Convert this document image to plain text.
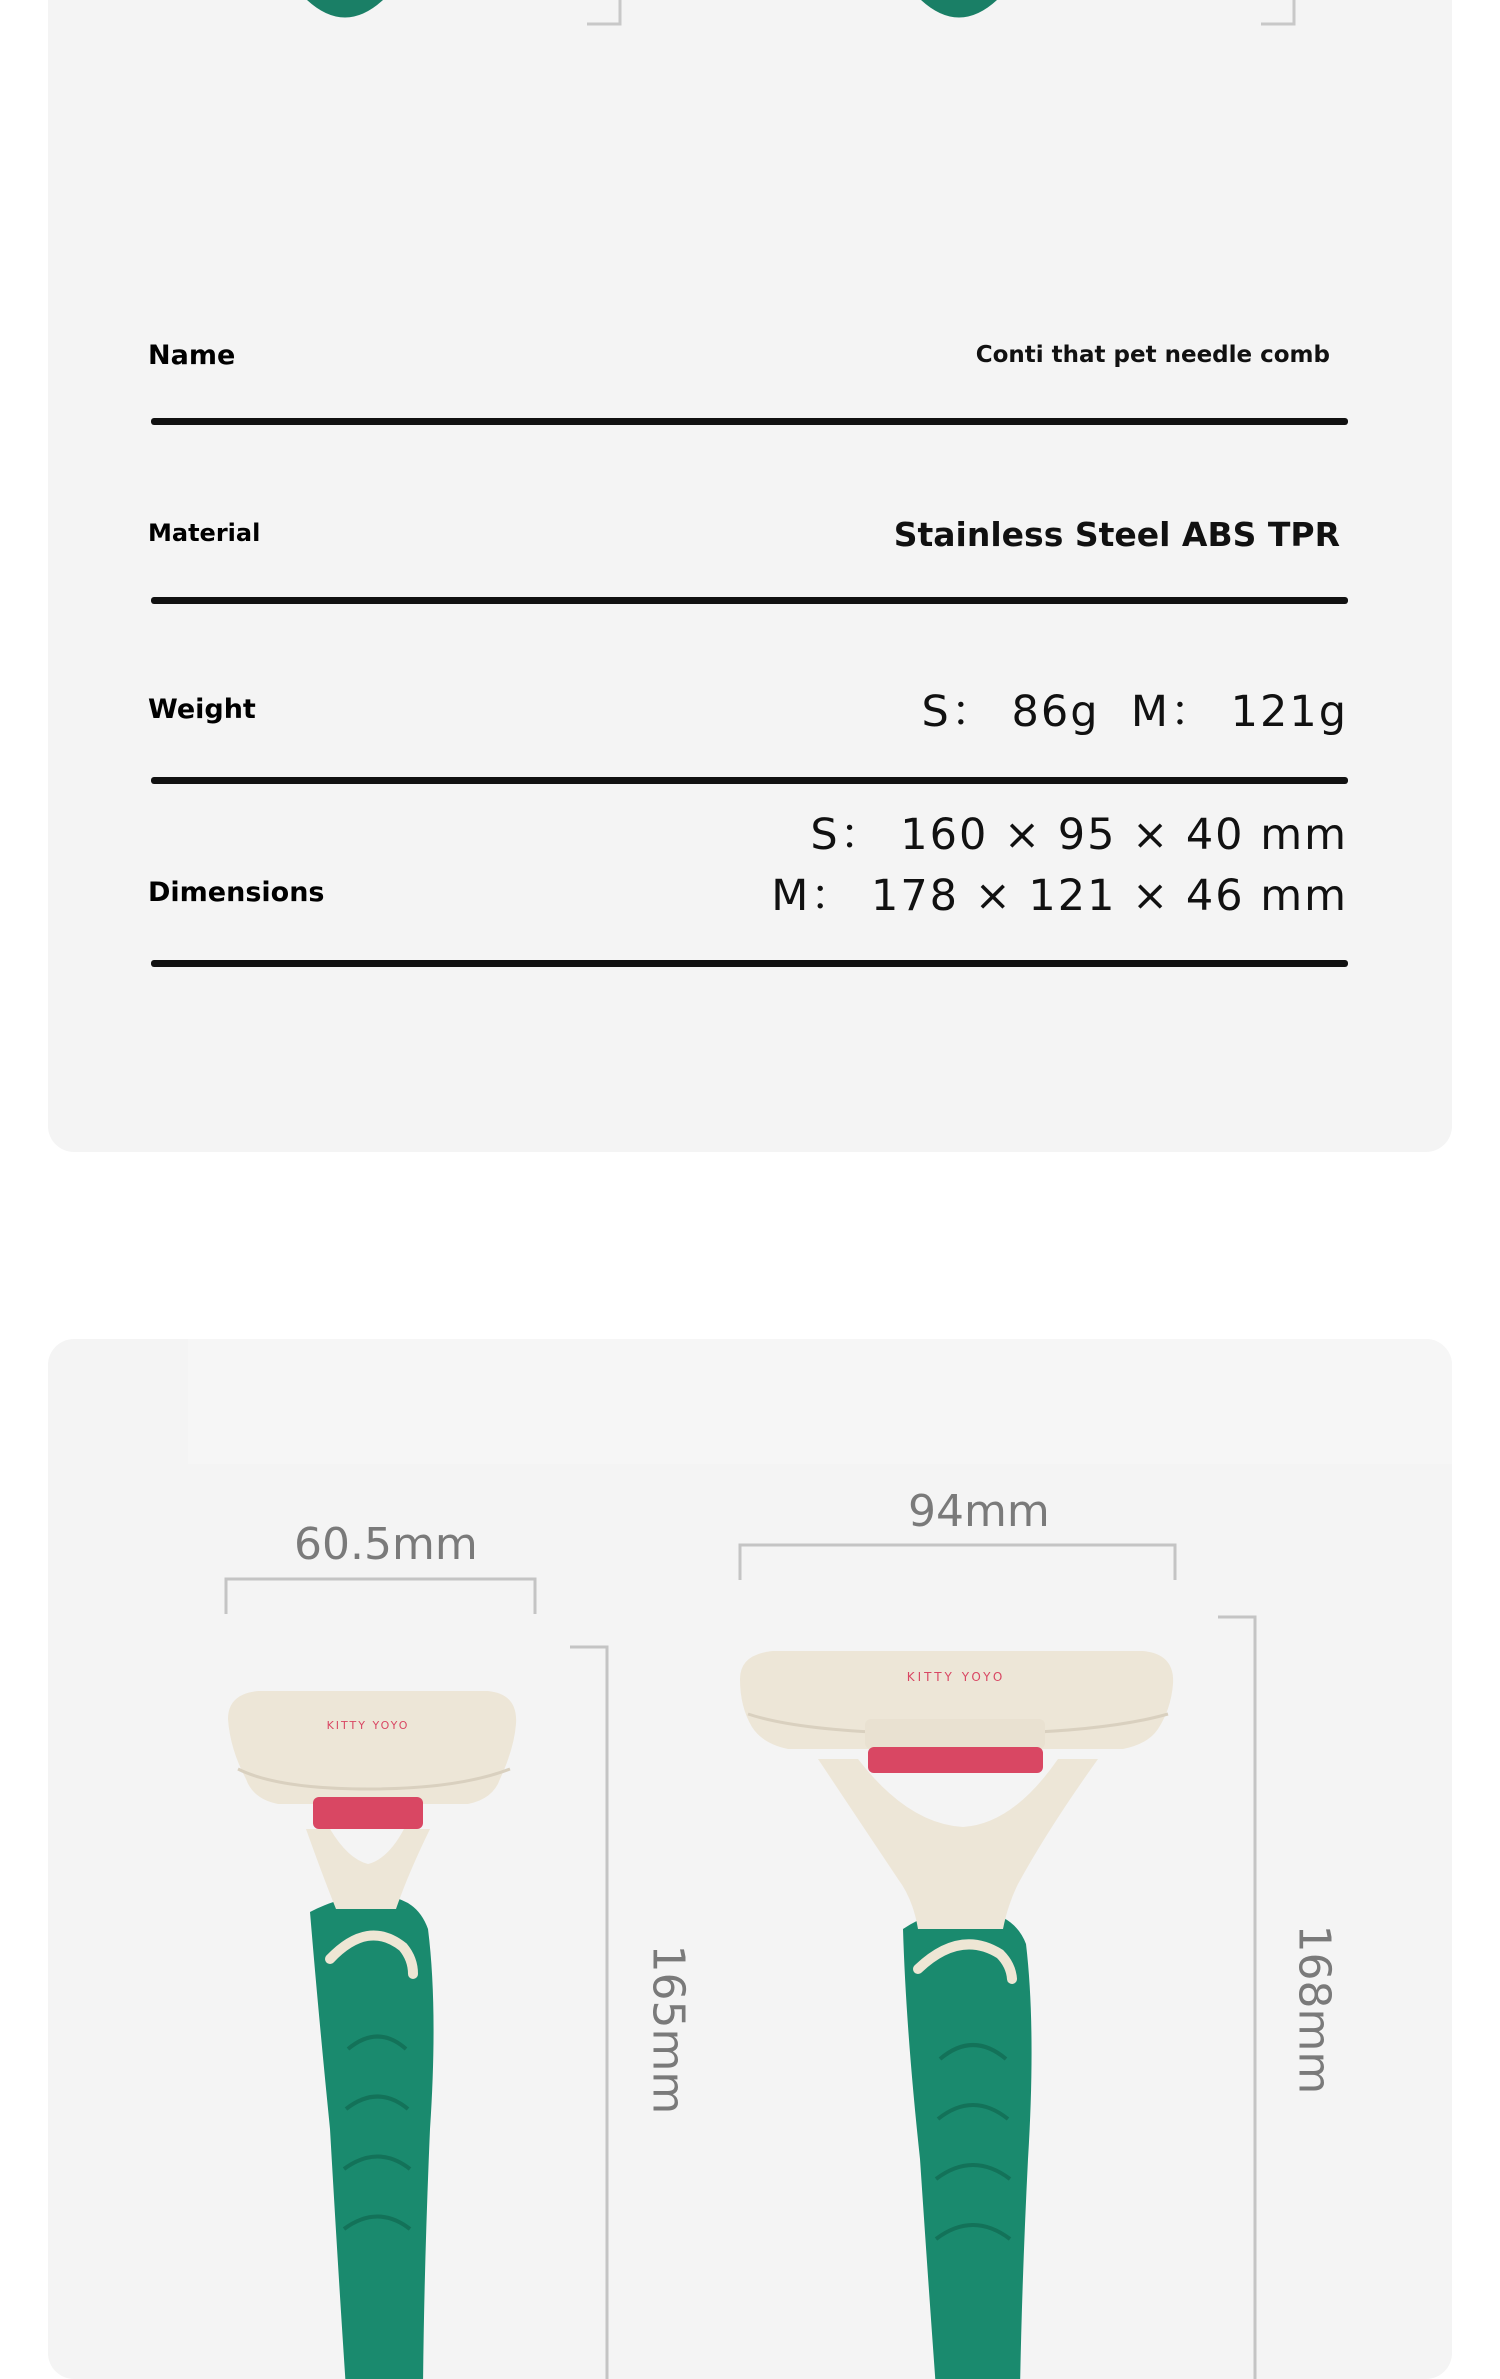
Name	Conti that pet needle comb
Material	Stainless Steel ABS TPR
Weight	S： 86g  M： 121g
Dimensions
S： 160 × 95 × 40 mm
M： 178 × 121 × 46 mm
60.5mm
165mm
KITTY YOYO
94mm
168mm
KITTY YOYO
